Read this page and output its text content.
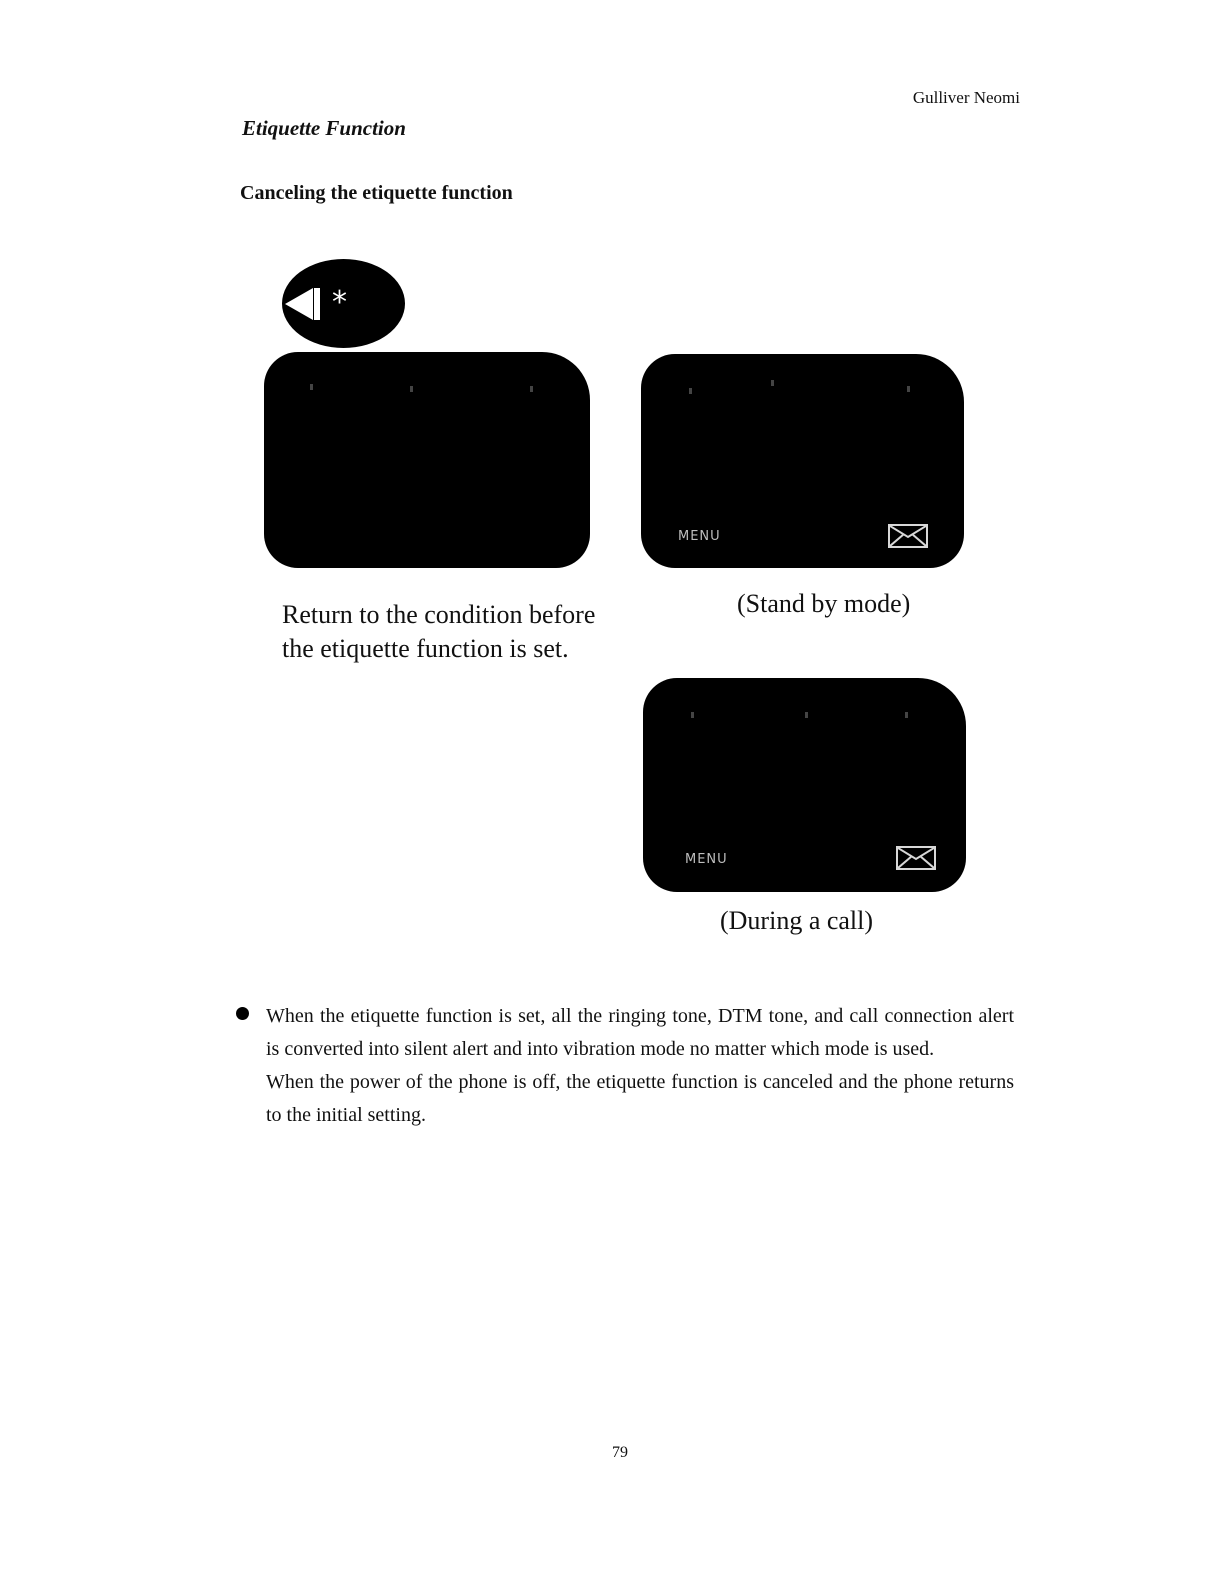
Gulliver Neomi
Etiquette Function
Canceling the etiquette function
*
MENU
Return to the condition before
the etiquette function is set.
(Stand by mode)
MENU
(During a call)

When the etiquette function is set, all the ringing tone, DTM tone, and call connection alert is converted into silent alert and into vibration mode no matter which mode is used.

When the power of the phone is off, the etiquette function is canceled and the phone returns to the initial setting.

79
